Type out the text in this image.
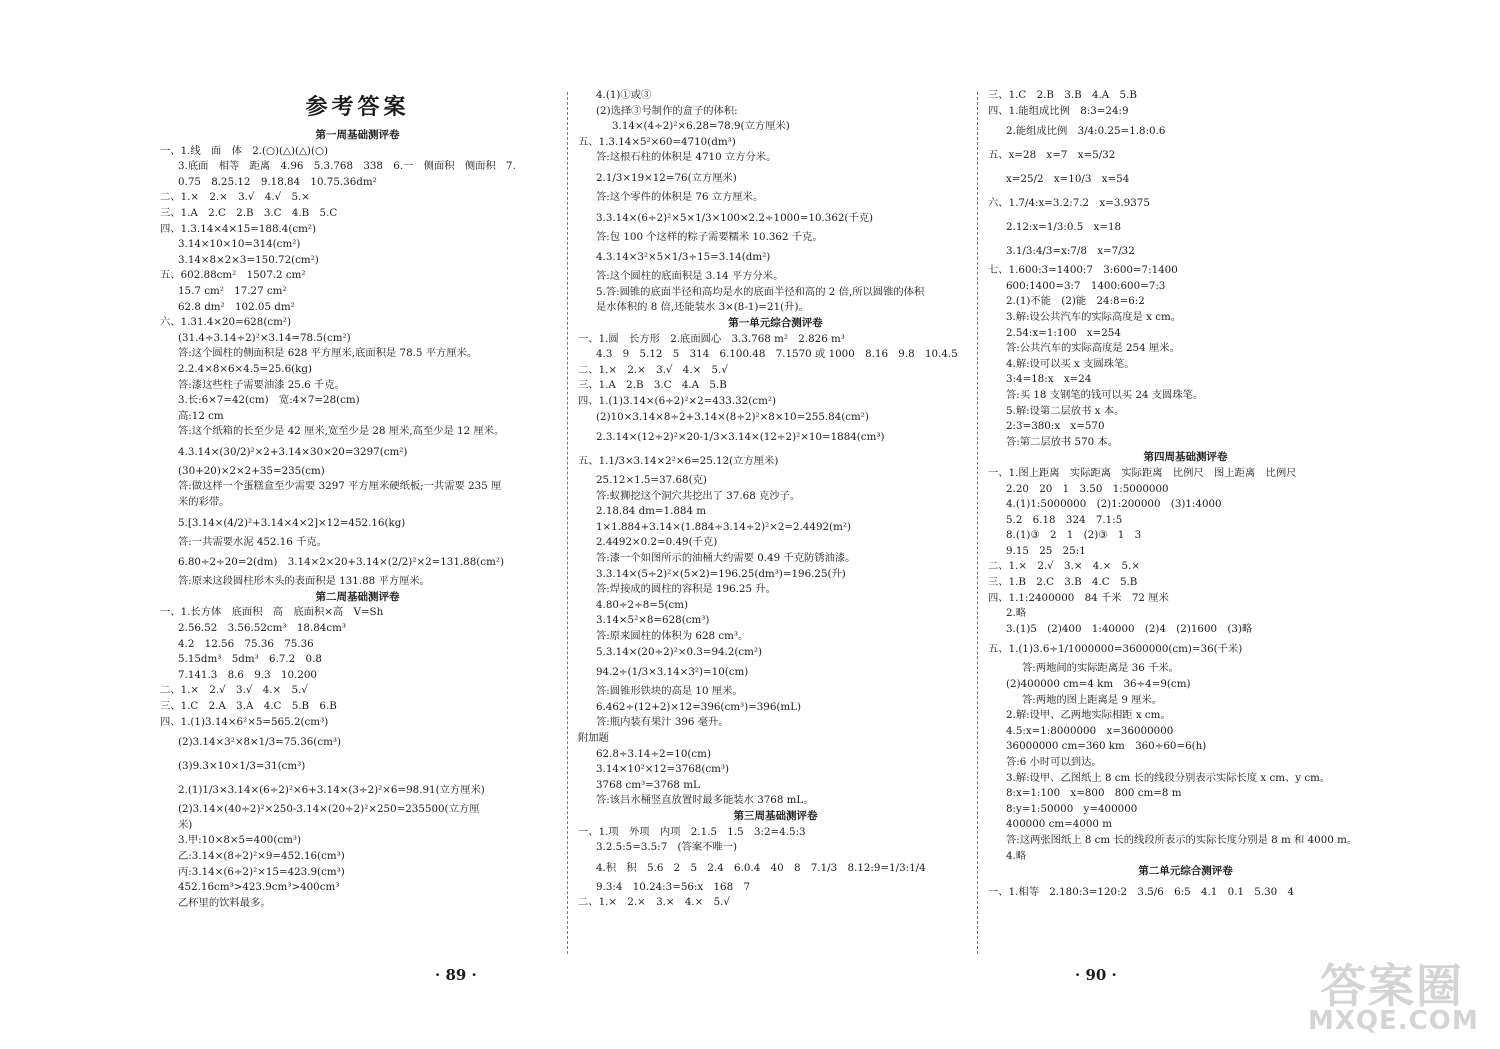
参考答案
第一周基础测评卷
一、1.线　面　体　2.(○)(△)(△)(○)
3.底面　相等　距离　4.96　5.3.768　338　6.一　侧面积　侧面积　7.
0.75　8.25.12　9.18.84　10.75.36dm²
二、1.×　2.×　3.√　4.√　5.×
三、1.A　2.C　2.B　3.C　4.B　5.C
四、1.3.14×4×15=188.4(cm²)
3.14×10×10=314(cm²)
3.14×8×2×3=150.72(cm²)
五、602.88cm²　1507.2 cm²
15.7 cm²　17.27 cm²
62.8 dm²　102.05 dm²
六、1.31.4×20=628(cm²)
(31.4÷3.14÷2)²×3.14=78.5(cm²)
答:这个圆柱的侧面积是 628 平方厘米,底面积是 78.5 平方厘米。
2.2.4×8×6×4.5=25.6(kg)
答:漆这些柱子需要油漆 25.6 千克。
3.长:6×7=42(cm)　宽:4×7=28(cm)
高:12 cm
答:这个纸箱的长至少是 42 厘米,宽至少是 28 厘米,高至少是 12 厘米。
4.3.14×(30/2)²×2+3.14×30×20=3297(cm²)
(30+20)×2×2+35=235(cm)
答:做这样一个蛋糕盒至少需要 3297 平方厘米硬纸板;一共需要 235 厘
米的彩带。
5.[3.14×(4/2)²+3.14×4×2]×12=452.16(kg)
答:一共需要水泥 452.16 千克。
6.80÷2÷20=2(dm)　3.14×2×20+3.14×(2/2)²×2=131.88(cm²)
答:原来这段圆柱形木头的表面积是 131.88 平方厘米。
第二周基础测评卷
一、1.长方体　底面积　高　底面积×高　V=Sh
2.56.52　3.56.52cm³　18.84cm³
4.2　12.56　75.36　75.36
5.15dm³　5dm³　6.7.2　0.8
7.141.3　8.6　9.3　10.200
二、1.×　2.√　3.√　4.×　5.√
三、1.C　2.A　3.A　4.C　5.B　6.B
四、1.(1)3.14×6²×5=565.2(cm³)
(2)3.14×3²×8×1/3=75.36(cm³)
(3)9.3×10×1/3=31(cm³)
2.(1)1/3×3.14×(6÷2)²×6+3.14×(3÷2)²×6=98.91(立方厘米)
(2)3.14×(40÷2)²×250-3.14×(20÷2)²×250=235500(立方厘
米)
3.甲:10×8×5=400(cm³)
乙:3.14×(8÷2)²×9=452.16(cm³)
丙:3.14×(6÷2)²×15=423.9(cm³)
452.16cm³>423.9cm³>400cm³
乙杯里的饮料最多。
4.(1)①或③
(2)选择③号制作的盒子的体积:
3.14×(4÷2)²×6.28=78.9(立方厘米)
五、1.3.14×5²×60=4710(dm³)
答:这根石柱的体积是 4710 立方分米。
2.1/3×19×12=76(立方厘米)
答:这个零件的体积是 76 立方厘米。
3.3.14×(6÷2)²×5×1/3×100×2.2÷1000=10.362(千克)
答:包 100 个这样的粽子需要糯米 10.362 千克。
4.3.14×3²×5×1/3÷15=3.14(dm²)
答:这个圆柱的底面积是 3.14 平方分米。
5.答:圆锥的底面半径和高均是水的底面半径和高的 2 倍,所以圆锥的体积
是水体积的 8 倍,还能装水 3×(8-1)=21(升)。
第一单元综合测评卷
一、1.圆　长方形　2.底面圆心　3.3.768 m²　2.826 m³
4.3　9　5.12　5　314　6.100.48　7.1570 或 1000　8.16　9.8　10.4.5
二、1.×　2.×　3.√　4.×　5.√
三、1.A　2.B　3.C　4.A　5.B
四、1.(1)3.14×(6÷2)²×2=433.32(cm²)
(2)10×3.14×8÷2+3.14×(8÷2)²×8×10=255.84(cm²)
2.3.14×(12÷2)²×20-1/3×3.14×(12÷2)²×10=1884(cm³)
五、1.1/3×3.14×2²×6=25.12(立方厘米)
25.12×1.5=37.68(克)
答:蚁狮挖这个洞穴共挖出了 37.68 克沙子。
2.18.84 dm=1.884 m
1×1.884+3.14×(1.884÷3.14÷2)²×2=2.4492(m²)
2.4492×0.2=0.49(千克)
答:漆一个如图所示的油桶大约需要 0.49 千克防锈油漆。
3.3.14×(5÷2)²×(5×2)=196.25(dm³)=196.25(升)
答:焊接成的圆柱的容积是 196.25 升。
4.80÷2÷8=5(cm)
3.14×5²×8=628(cm³)
答:原来圆柱的体积为 628 cm³。
5.3.14×(20÷2)²×0.3=94.2(cm²)
94.2÷(1/3×3.14×3²)=10(cm)
答:圆锥形铁块的高是 10 厘米。
6.462÷(12+2)×12=396(cm³)=396(mL)
答:瓶内装有果汁 396 毫升。
附加题
62.8÷3.14÷2=10(cm)
3.14×10²×12=3768(cm³)
3768 cm³=3768 mL
答:该吕水桶竖直放置时最多能装水 3768 mL。
第三周基础测评卷
一、1.项　外项　内项　2.1.5　1.5　3:2=4.5:3
3.2.5:5=3.5:7　(答案不唯一)
4.积　积　5.6　2　5　2.4　6.0.4　40　8　7.1/3　8.12:9=1/3:1/4
9.3:4　10.24:3=56:x　168　7
二、1.×　2.×　3.×　4.×　5.√
三、1.C　2.B　3.B　4.A　5.B
四、1.能组成比例　8:3=24:9
2.能组成比例　3/4:0.25=1.8:0.6
五、x=28　x=7　x=5/32
x=25/2　x=10/3　x=54
六、1.7/4:x=3.2:7.2　x=3.9375
2.12:x=1/3:0.5　x=18
3.1/3:4/3=x:7/8　x=7/32
七、1.600:3=1400:7　3:600=7:1400
600:1400=3:7　1400:600=7:3
2.(1)不能　(2)能　24:8=6:2
3.解:设公共汽车的实际高度是 x cm。
2.54:x=1:100　x=254
答:公共汽车的实际高度是 254 厘米。
4.解:设可以买 x 支圆珠笔。
3:4=18:x　x=24
答:买 18 支钢笔的钱可以买 24 支圆珠笔。
5.解:设第二层放书 x 本。
2:3=380:x　x=570
答:第二层放书 570 本。
第四周基础测评卷
一、1.图上距离　实际距离　实际距离　比例尺　图上距离　比例尺
2.20　20　1　3.50　1:5000000
4.(1)1:5000000　(2)1:200000　(3)1:4000
5.2　6.18　324　7.1:5
8.(1)③　2　1　(2)③　1　3
9.15　25　25:1
二、1.×　2.√　3.×　4.×　5.×
三、1.B　2.C　3.B　4.C　5.B
四、1.1:2400000　84 千米　72 厘米
2.略
3.(1)5　(2)400　1:40000　(2)4　(2)1600　(3)略
五、1.(1)3.6÷1/1000000=3600000(cm)=36(千米)
答:两地间的实际距离是 36 千米。
(2)400000 cm=4 km　36÷4=9(cm)
答:两地的图上距离是 9 厘米。
2.解:设甲、乙两地实际相距 x cm。
4.5:x=1:8000000　x=36000000
36000000 cm=360 km　360÷60=6(h)
答:6 小时可以到达。
3.解:设甲、乙图纸上 8 cm 长的线段分别表示实际长度 x cm、y cm。
8:x=1:100　x=800　800 cm=8 m
8:y=1:50000　y=400000
400000 cm=4000 m
答:这两张图纸上 8 cm 长的线段所表示的实际长度分别是 8 m 和 4000 m。
4.略
第二单元综合测评卷
一、1.相等　2.180:3=120:2　3.5/6　6:5　4.1　0.1　5.30　4
· 89 ·	· 90 ·	答案圈
MXQE.COM
